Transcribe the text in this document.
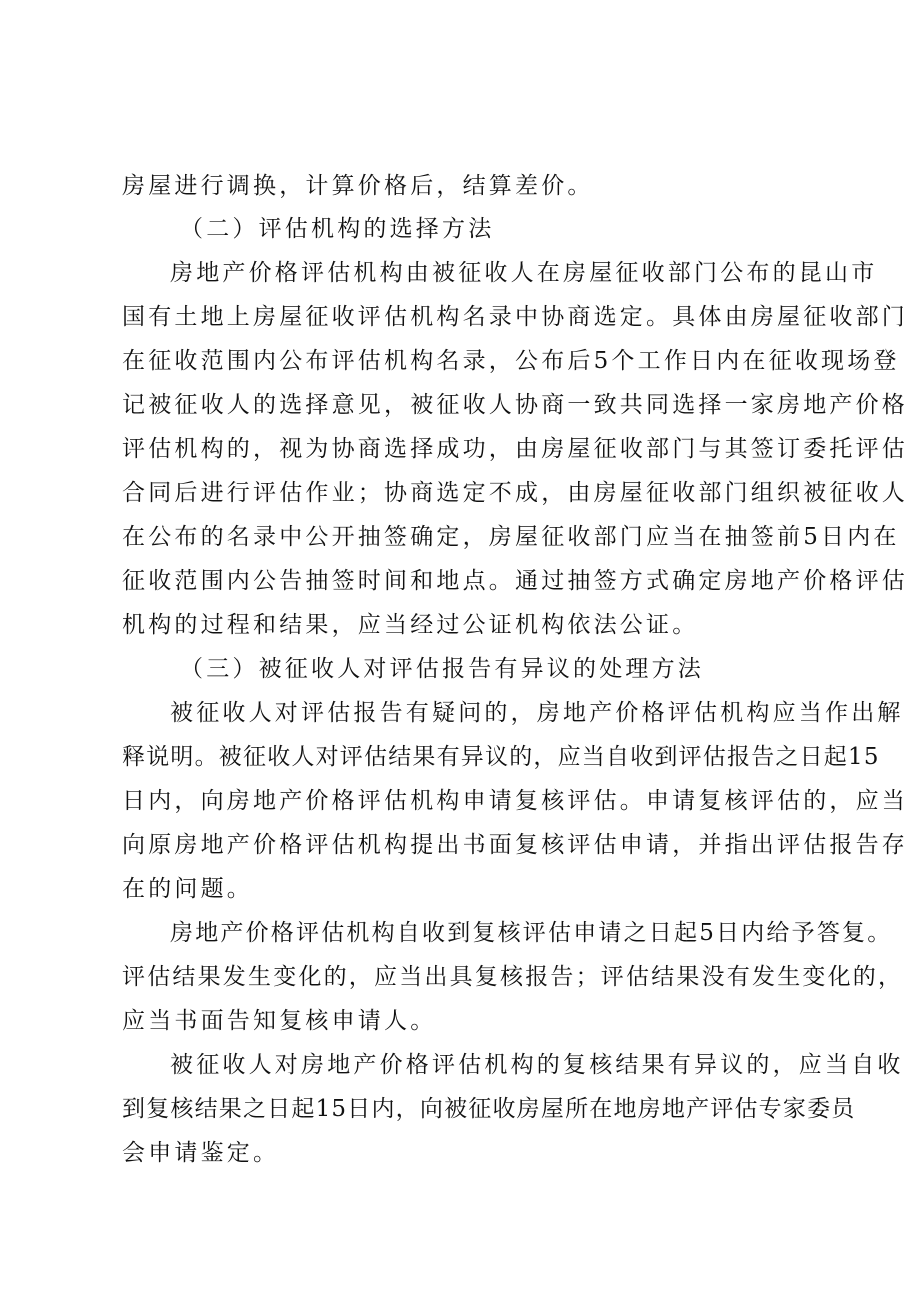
房屋进行调换，计算价格后，结算差价。
（二）评估机构的选择方法
房地产价格评估机构由被征收人在房屋征收部门公布的昆山市
国有土地上房屋征收评估机构名录中协商选定。具体由房屋征收部门
在征收范围内公布评估机构名录，公布后5个工作日内在征收现场登
记被征收人的选择意见，被征收人协商一致共同选择一家房地产价格
评估机构的，视为协商选择成功，由房屋征收部门与其签订委托评估
合同后进行评估作业；协商选定不成，由房屋征收部门组织被征收人
在公布的名录中公开抽签确定，房屋征收部门应当在抽签前5日内在
征收范围内公告抽签时间和地点。通过抽签方式确定房地产价格评估
机构的过程和结果，应当经过公证机构依法公证。
（三）被征收人对评估报告有异议的处理方法
被征收人对评估报告有疑问的，房地产价格评估机构应当作出解
释说明。被征收人对评估结果有异议的，应当自收到评估报告之日起15
日内，向房地产价格评估机构申请复核评估。申请复核评估的，应当
向原房地产价格评估机构提出书面复核评估申请，并指出评估报告存
在的问题。
房地产价格评估机构自收到复核评估申请之日起5日内给予答复。
评估结果发生变化的，应当出具复核报告；评估结果没有发生变化的，
应当书面告知复核申请人。
被征收人对房地产价格评估机构的复核结果有异议的，应当自收
到复核结果之日起15日内，向被征收房屋所在地房地产评估专家委员
会申请鉴定。
